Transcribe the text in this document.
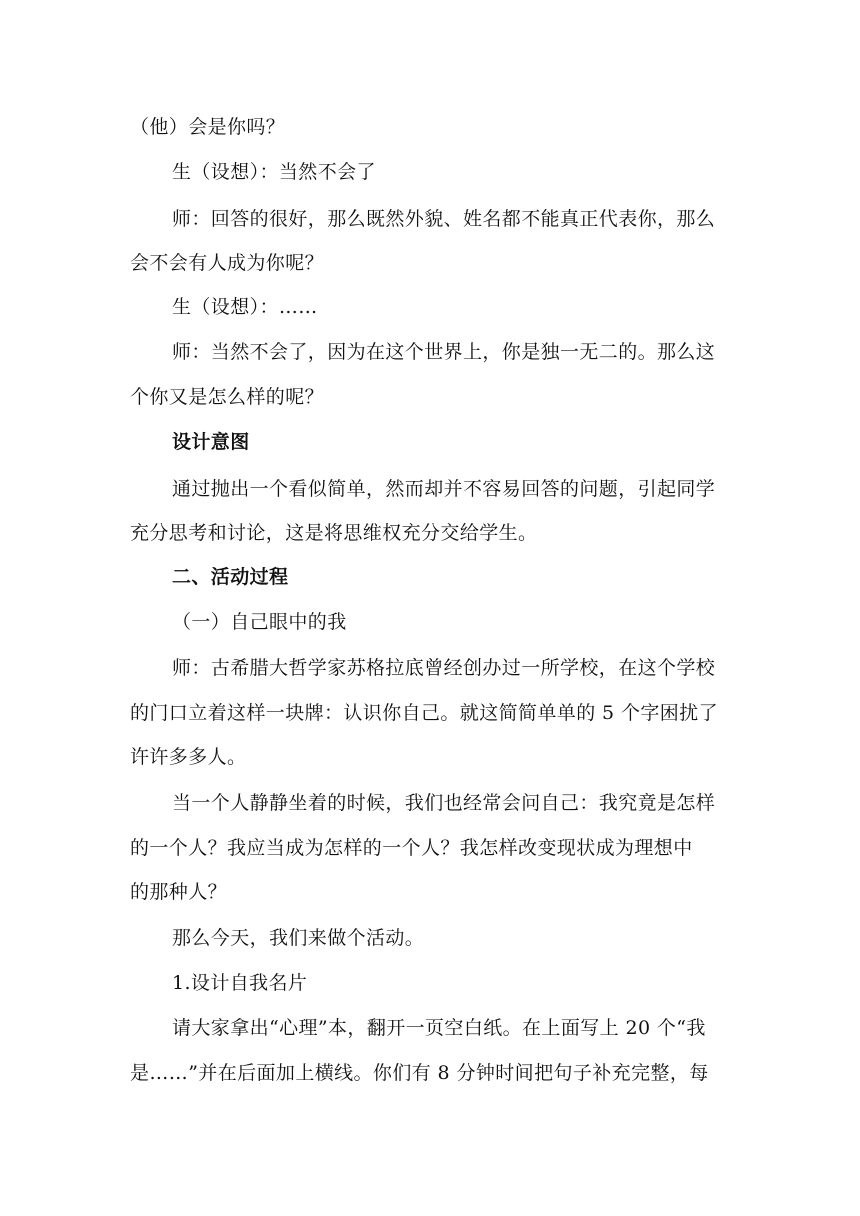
（他）会是你吗？
生（设想）：当然不会了
师：回答的很好，那么既然外貌、姓名都不能真正代表你，那么
会不会有人成为你呢？
生（设想）：……
师：当然不会了，因为在这个世界上，你是独一无二的。那么这
个你又是怎么样的呢？
设计意图
通过抛出一个看似简单，然而却并不容易回答的问题，引起同学
充分思考和讨论，这是将思维权充分交给学生。
二、活动过程
（一）自己眼中的我
师：古希腊大哲学家苏格拉底曾经创办过一所学校，在这个学校
的门口立着这样一块牌：认识你自己。就这简简单单的 5 个字困扰了
许许多多人。
当一个人静静坐着的时候，我们也经常会问自己：我究竟是怎样
的一个人？我应当成为怎样的一个人？我怎样改变现状成为理想中
的那种人？
那么今天，我们来做个活动。
1.设计自我名片
请大家拿出“心理”本，翻开一页空白纸。在上面写上 20 个“我
是……”并在后面加上横线。你们有 8 分钟时间把句子补充完整，每
